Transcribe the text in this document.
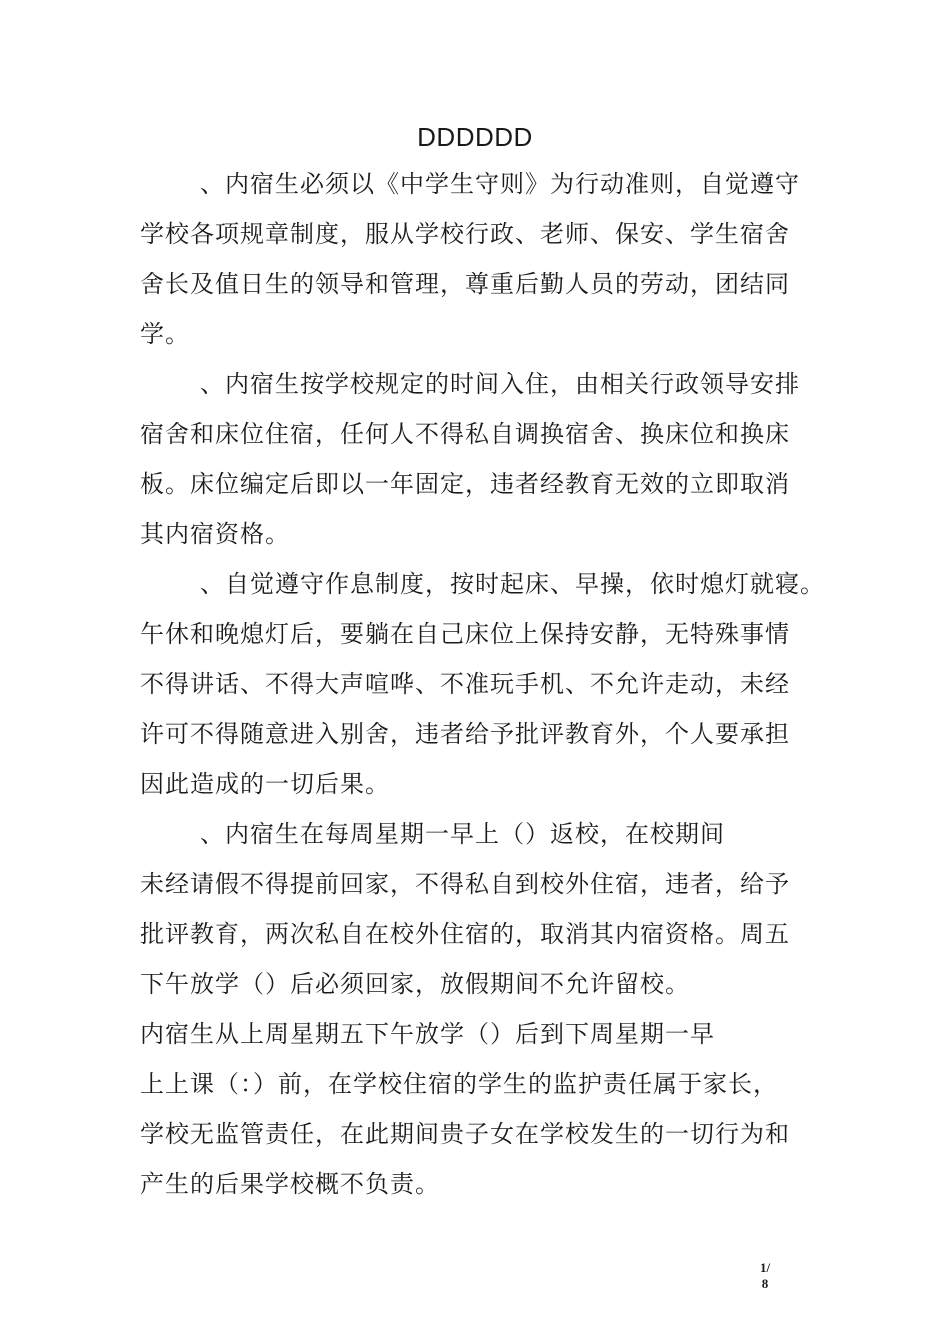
DDDDDD
、内宿生必须以《中学生守则》为行动准则，自觉遵守
学校各项规章制度，服从学校行政、老师、保安、学生宿舍
舍长及值日生的领导和管理，尊重后勤人员的劳动，团结同
学。
、内宿生按学校规定的时间入住，由相关行政领导安排
宿舍和床位住宿，任何人不得私自调换宿舍、换床位和换床
板。床位编定后即以一年固定，违者经教育无效的立即取消
其内宿资格。
、自觉遵守作息制度，按时起床、早操，依时熄灯就寝。
午休和晚熄灯后，要躺在自己床位上保持安静，无特殊事情
不得讲话、不得大声喧哗、不准玩手机、不允许走动，未经
许可不得随意进入别舍，违者给予批评教育外，个人要承担
因此造成的一切后果。
、内宿生在每周星期一早上（）返校，在校期间
未经请假不得提前回家，不得私自到校外住宿，违者，给予
批评教育，两次私自在校外住宿的，取消其内宿资格。周五
下午放学（）后必须回家，放假期间不允许留校。
内宿生从上周星期五下午放学（）后到下周星期一早
上上课（：）前，在学校住宿的学生的监护责任属于家长，
学校无监管责任，在此期间贵子女在学校发生的一切行为和
产生的后果学校概不负责。
1/
8
